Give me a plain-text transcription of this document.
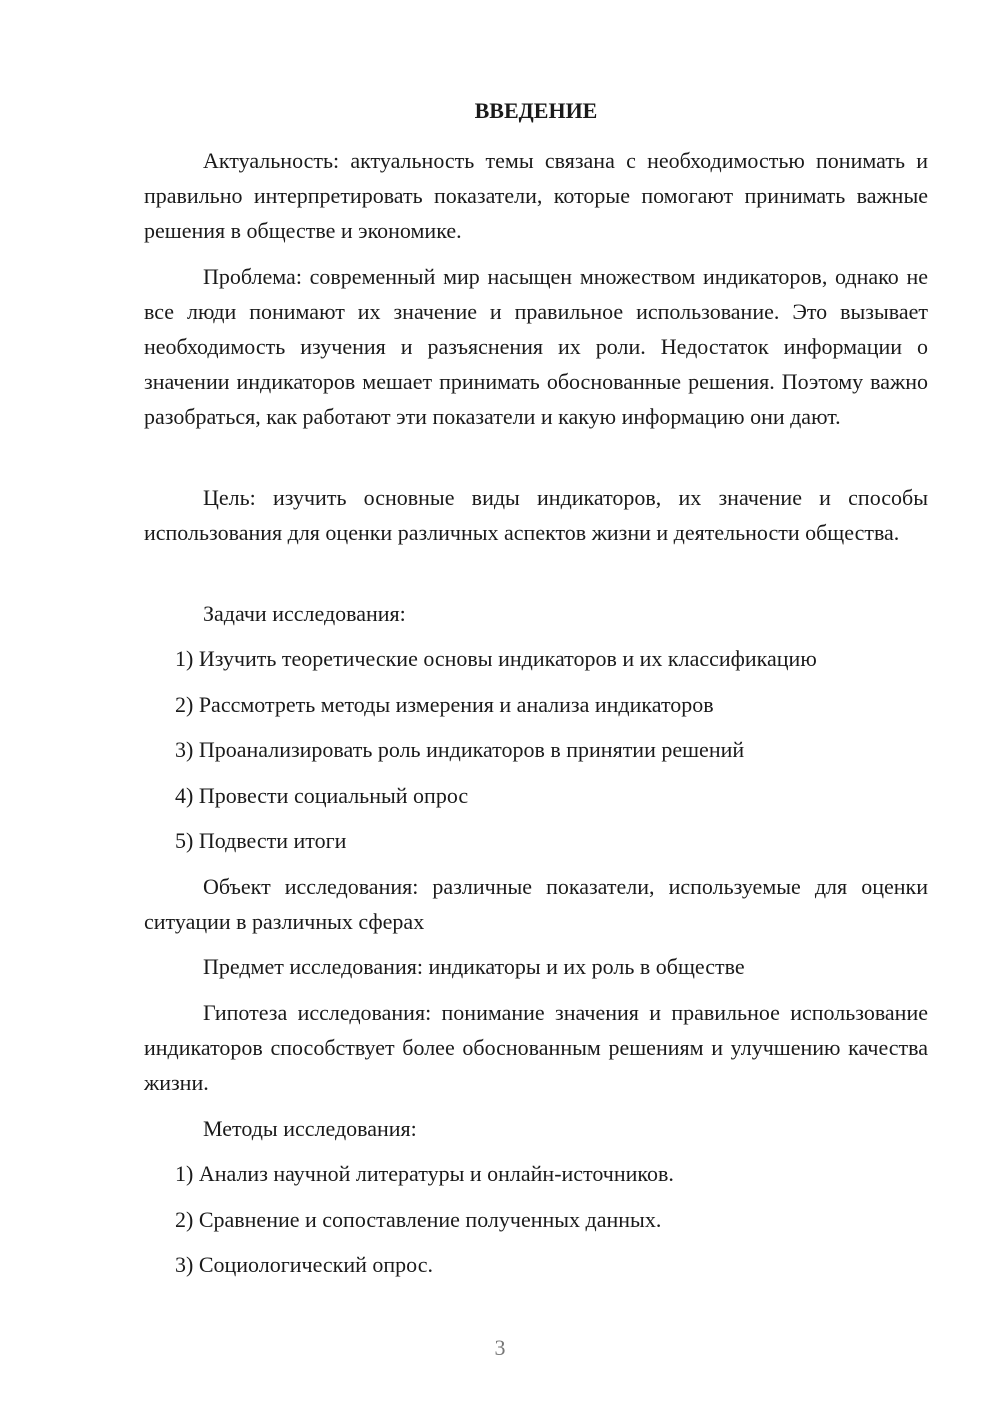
ВВЕДЕНИЕ

Актуальность: актуальность темы связана с необходимостью понимать и правильно интерпретировать показатели, которые помогают принимать важные решения в обществе и экономике.

Проблема: современный мир насыщен множеством индикаторов, однако не все люди понимают их значение и правильное использование. Это вызывает необходимость изучения и разъяснения их роли. Недостаток информации о значении индикаторов мешает принимать обоснованные решения. Поэтому важно разобраться, как работают эти показатели и какую информацию они дают.

Цель: изучить основные виды индикаторов, их значение и способы использования для оценки различных аспектов жизни и деятельности общества.

Задачи исследования:

1) Изучить теоретические основы индикаторов и их классификацию

2) Рассмотреть методы измерения и анализа индикаторов

3) Проанализировать роль индикаторов в принятии решений

4) Провести социальный опрос

5) Подвести итоги

Объект исследования: различные показатели, используемые для оценки ситуации в различных сферах

Предмет исследования: индикаторы и их роль в обществе

Гипотеза исследования: понимание значения и правильное использование индикаторов способствует более обоснованным решениям и улучшению качества жизни.

Методы исследования:

1) Анализ научной литературы и онлайн-источников.

2) Сравнение и сопоставление полученных данных.

3) Социологический опрос.

3
